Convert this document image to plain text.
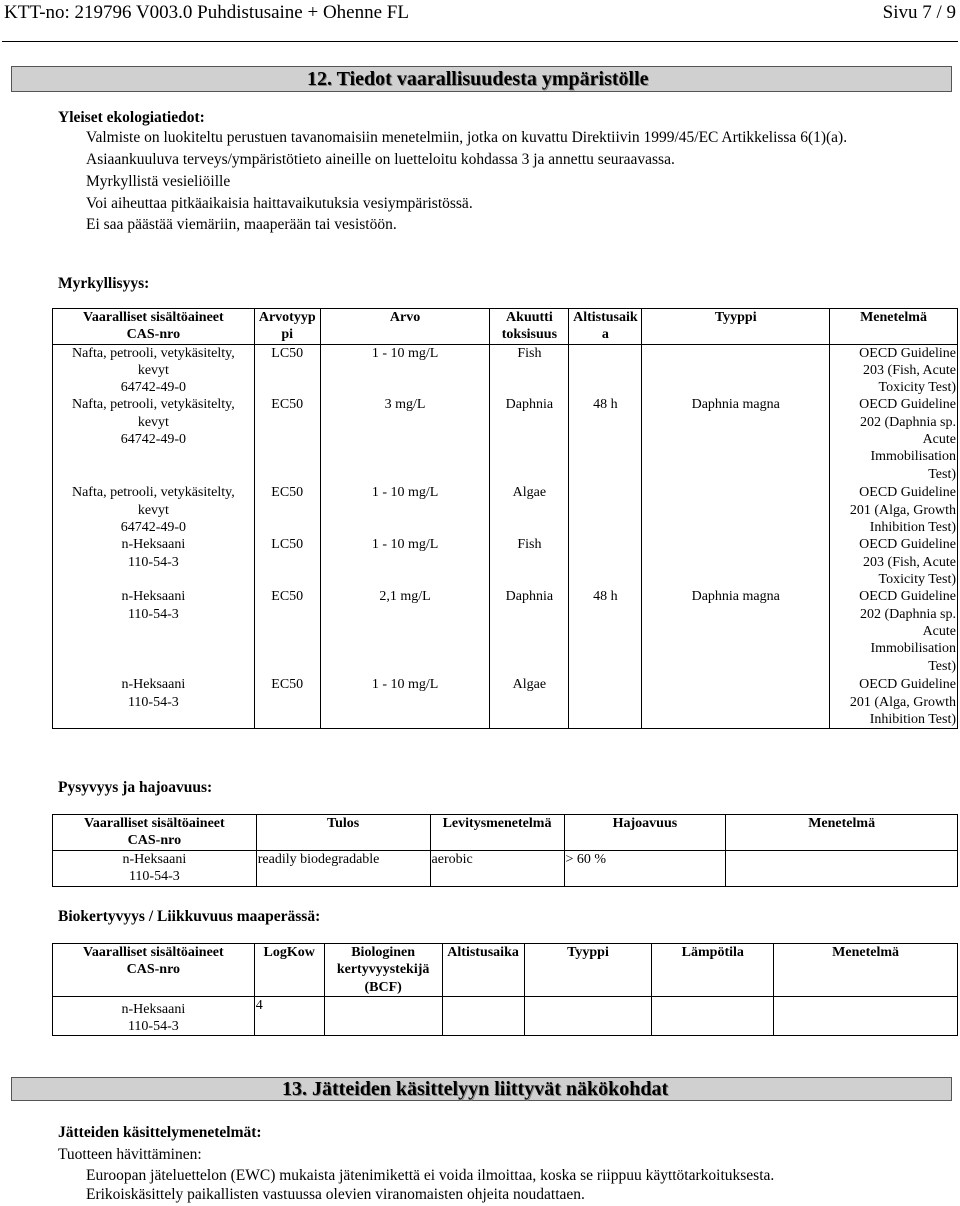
KTT-no: 219796 V003.0 Puhdistusaine + Ohenne FL	Sivu 7 / 9
12. Tiedot vaarallisuudesta ympäristölle
Yleiset ekologiatiedot:
Valmiste on luokiteltu perustuen tavanomaisiin menetelmiin, jotka on kuvattu Direktiivin 1999/45/EC Artikkelissa 6(1)(a).
Asiaankuuluva terveys/ympäristötieto aineille on luetteloitu kohdassa 3 ja annettu seuraavassa.
Myrkyllistä vesieliöille
Voi aiheuttaa pitkäaikaisia haittavaikutuksia vesiympäristössä.
Ei saa päästää viemäriin, maaperään tai vesistöön.
Myrkyllisyys:
Vaaralliset sisältöaineet
CAS-nro	Arvotyyp
pi	Arvo	Akuutti
toksisuus	Altistusaik
a	Tyyppi	Menetelmä
Nafta, petrooli, vetykäsitelty,
kevyt
64742-49-0	LC50	1 - 10 mg/L	Fish			OECD Guideline
203 (Fish, Acute
Toxicity Test)
Nafta, petrooli, vetykäsitelty,
kevyt
64742-49-0	EC50	3 mg/L	Daphnia	48 h	Daphnia magna	OECD Guideline
202 (Daphnia sp.
Acute
Immobilisation
Test)
Nafta, petrooli, vetykäsitelty,
kevyt
64742-49-0	EC50	1 - 10 mg/L	Algae			OECD Guideline
201 (Alga, Growth
Inhibition Test)
n-Heksaani
110-54-3	LC50	1 - 10 mg/L	Fish			OECD Guideline
203 (Fish, Acute
Toxicity Test)
n-Heksaani
110-54-3	EC50	2,1 mg/L	Daphnia	48 h	Daphnia magna	OECD Guideline
202 (Daphnia sp.
Acute
Immobilisation
Test)
n-Heksaani
110-54-3	EC50	1 - 10 mg/L	Algae			OECD Guideline
201 (Alga, Growth
Inhibition Test)
Pysyvyys ja hajoavuus:
Vaaralliset sisältöaineet
CAS-nro	Tulos	Levitysmenetelmä	Hajoavuus	Menetelmä
n-Heksaani
110-54-3	readily biodegradable	aerobic	> 60 %	
Biokertyvyys / Liikkuvuus maaperässä:
Vaaralliset sisältöaineet
CAS-nro	LogKow	Biologinen
kertyvyystekijä
(BCF)	Altistusaika	Tyyppi	Lämpötila	Menetelmä
n-Heksaani
110-54-3	4					
13. Jätteiden käsittelyyn liittyvät näkökohdat
Jätteiden käsittelymenetelmät:
Tuotteen hävittäminen:
Euroopan jäteluettelon (EWC) mukaista jätenimikettä ei voida ilmoittaa, koska se riippuu käyttötarkoituksesta.
Erikoiskäsittely paikallisten vastuussa olevien viranomaisten ohjeita noudattaen.
